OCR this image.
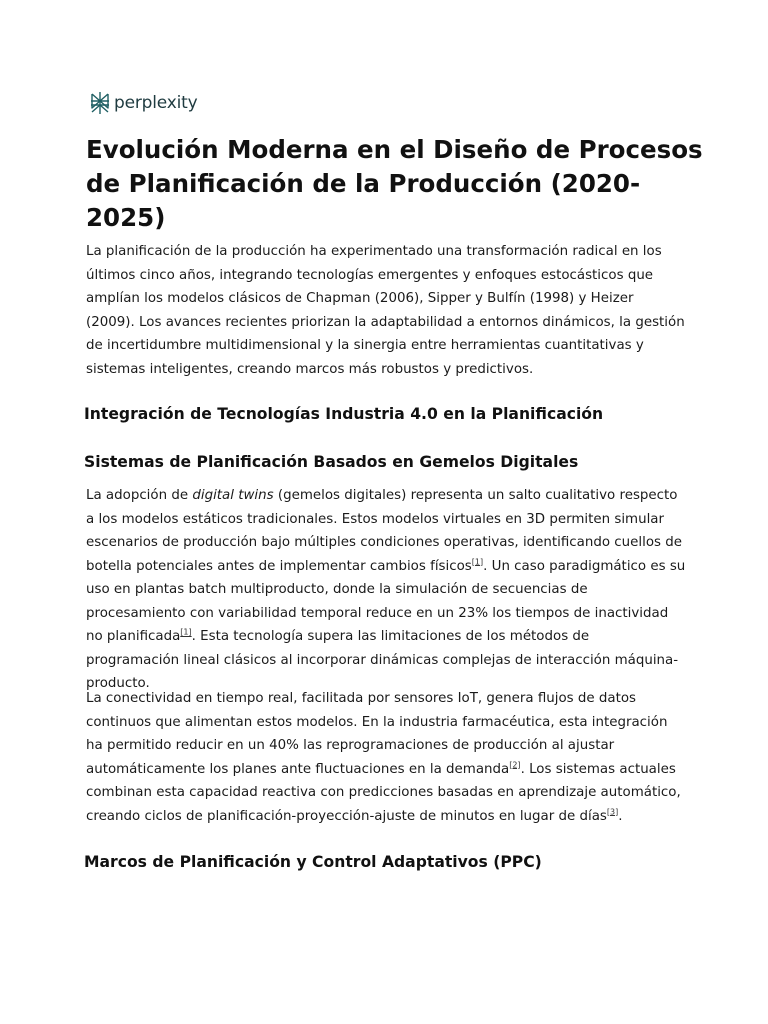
perplexity
Evolución Moderna en el Diseño de Procesos de Planificación de la Producción (2020-2025)

La planificación de la producción ha experimentado una transformación radical en los últimos cinco años, integrando tecnologías emergentes y enfoques estocásticos que amplían los modelos clásicos de Chapman (2006), Sipper y Bulfín (1998) y Heizer (2009). Los avances recientes priorizan la adaptabilidad a entornos dinámicos, la gestión de incertidumbre multidimensional y la sinergia entre herramientas cuantitativas y sistemas inteligentes, creando marcos más robustos y predictivos.

Integración de Tecnologías Industria 4.0 en la Planificación
Sistemas de Planificación Basados en Gemelos Digitales

La adopción de digital twins (gemelos digitales) representa un salto cualitativo respecto a los modelos estáticos tradicionales. Estos modelos virtuales en 3D permiten simular escenarios de producción bajo múltiples condiciones operativas, identificando cuellos de botella potenciales antes de implementar cambios físicos[1]. Un caso paradigmático es su uso en plantas batch multiproducto, donde la simulación de secuencias de procesamiento con variabilidad temporal reduce en un 23% los tiempos de inactividad no planificada[1]. Esta tecnología supera las limitaciones de los métodos de programación lineal clásicos al incorporar dinámicas complejas de interacción máquina-producto.

La conectividad en tiempo real, facilitada por sensores IoT, genera flujos de datos continuos que alimentan estos modelos. En la industria farmacéutica, esta integración ha permitido reducir en un 40% las reprogramaciones de producción al ajustar automáticamente los planes ante fluctuaciones en la demanda[2]. Los sistemas actuales combinan esta capacidad reactiva con predicciones basadas en aprendizaje automático, creando ciclos de planificación-proyección-ajuste de minutos en lugar de días[3].

Marcos de Planificación y Control Adaptativos (PPC)
